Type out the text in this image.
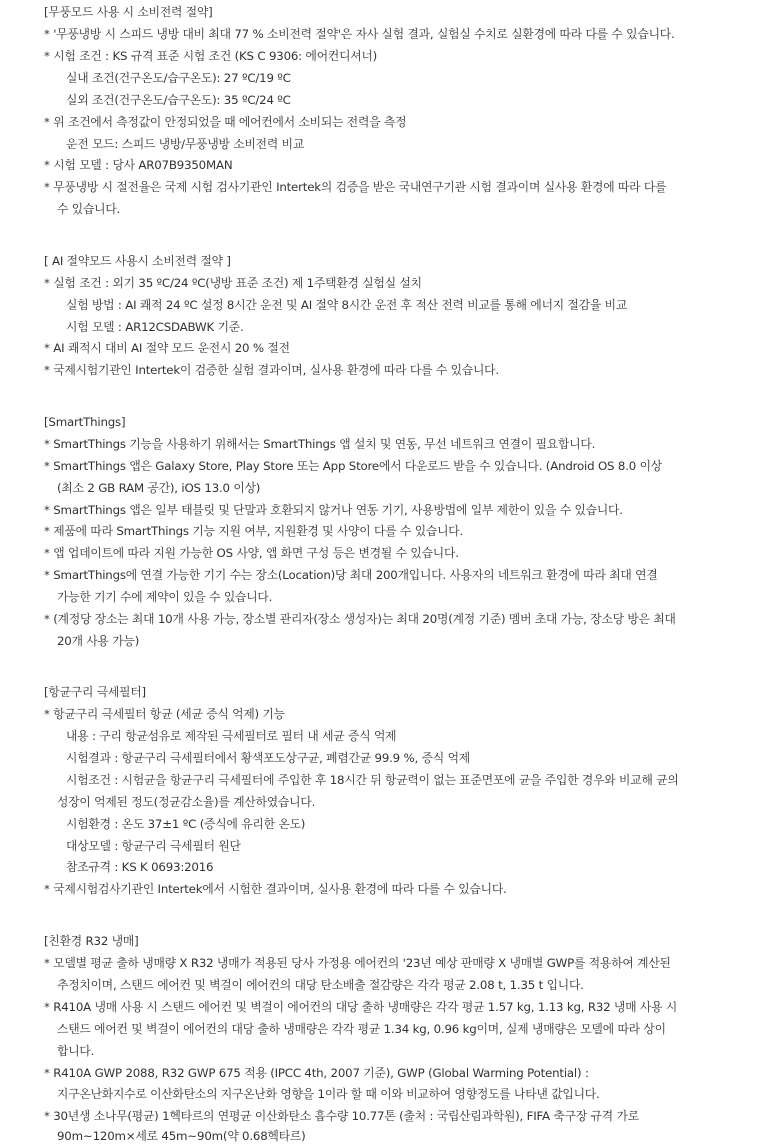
[무풍모드 사용 시 소비전력 절약]
* '무풍냉방 시 스피드 냉방 대비 최대 77 % 소비전력 절약'은 자사 실험 결과, 실험실 수치로 실환경에 따라 다를 수 있습니다.
* 시험 조건 : KS 규격 표준 시험 조건 (KS C 9306: 에어컨디셔너)
실내 조건(건구온도/습구온도): 27 ºC/19 ºC
실외 조건(건구온도/습구온도): 35 ºC/24 ºC
* 위 조건에서 측정값이 안정되었을 때 에어컨에서 소비되는 전력을 측정
운전 모드: 스피드 냉방/무풍냉방 소비전력 비교
* 시험 모델 : 당사 AR07B9350MAN
* 무풍냉방 시 절전율은 국제 시험 검사기관인 Intertek의 검증을 받은 국내연구기관 시험 결과이며 실사용 환경에 따라 다를
수 있습니다.
[ AI 절약모드 사용시 소비전력 절약 ]
* 실험 조건 : 외기 35 ºC/24 ºC(냉방 표준 조건) 제 1주택환경 실험실 설치
실험 방법 : AI 쾌적 24 ºC 설정 8시간 운전 및 AI 절약 8시간 운전 후 적산 전력 비교를 통해 에너지 절감율 비교
시험 모델 : AR12CSDABWK 기준.
* AI 쾌적시 대비 AI 절약 모드 운전시 20 % 절전
* 국제시험기관인 Intertek이 검증한 실험 결과이며, 실사용 환경에 따라 다를 수 있습니다.
[SmartThings]
* SmartThings 기능을 사용하기 위해서는 SmartThings 앱 설치 및 연동, 무선 네트워크 연결이 필요합니다.
* SmartThings 앱은 Galaxy Store, Play Store 또는 App Store에서 다운로드 받을 수 있습니다. (Android OS 8.0 이상
(최소 2 GB RAM 공간), iOS 13.0 이상)
* SmartThings 앱은 일부 태블릿 및 단말과 호환되지 않거나 연동 기기, 사용방법에 일부 제한이 있을 수 있습니다.
* 제품에 따라 SmartThings 기능 지원 여부, 지원환경 및 사양이 다를 수 있습니다.
* 앱 업데이트에 따라 지원 가능한 OS 사양, 앱 화면 구성 등은 변경될 수 있습니다.
* SmartThings에 연결 가능한 기기 수는 장소(Location)당 최대 200개입니다. 사용자의 네트워크 환경에 따라 최대 연결
가능한 기기 수에 제약이 있을 수 있습니다.
* (계정당 장소는 최대 10개 사용 가능, 장소별 관리자(장소 생성자)는 최대 20명(계정 기준) 멤버 초대 가능, 장소당 방은 최대
20개 사용 가능)
[항균구리 극세필터]
* 항균구리 극세필터 항균 (세균 증식 억제) 기능
내용 : 구리 항균섬유로 제작된 극세필터로 필터 내 세균 증식 억제
시험결과 : 항균구리 극세필터에서 황색포도상구균, 폐렴간균 99.9 %, 증식 억제
시험조건 : 시험균을 항균구리 극세필터에 주입한 후 18시간 뒤 항균력이 없는 표준면포에 균을 주입한 경우와 비교해 균의
성장이 억제된 정도(정균감소율)를 계산하였습니다.
시험환경 : 온도 37±1 ºC (증식에 유리한 온도)
대상모델 : 항균구리 극세필터 원단
참조규격 : KS K 0693:2016
* 국제시험검사기관인 Intertek에서 시험한 결과이며, 실사용 환경에 따라 다를 수 있습니다.
[친환경 R32 냉매]
* 모델별 평균 출하 냉매량 X R32 냉매가 적용된 당사 가정용 에어컨의 '23년 예상 판매량 X 냉매별 GWP를 적용하여 계산된
추정치이며, 스탠드 에어컨 및 벽걸이 에어컨의 대당 탄소배출 절감량은 각각 평균 2.08 t, 1.35 t 입니다.
* R410A 냉매 사용 시 스탠드 에어컨 및 벽걸이 에어컨의 대당 출하 냉매량은 각각 평균 1.57 kg, 1.13 kg, R32 냉매 사용 시
스탠드 에어컨 및 벽걸이 에어컨의 대당 출하 냉매량은 각각 평균 1.34 kg, 0.96 kg이며, 실제 냉매량은 모델에 따라 상이
합니다.
* R410A GWP 2088, R32 GWP 675 적용 (IPCC 4th, 2007 기준), GWP (Global Warming Potential) :
지구온난화지수로 이산화탄소의 지구온난화 영향을 1이라 할 때 이와 비교하여 영향정도를 나타낸 값입니다.
* 30년생 소나무(평균) 1헥타르의 연평균 이산화탄소 흡수량 10.77톤 (출처 : 국립산림과학원), FIFA 축구장 규격 가로
90m~120m×세로 45m~90m(약 0.68헥타르)
